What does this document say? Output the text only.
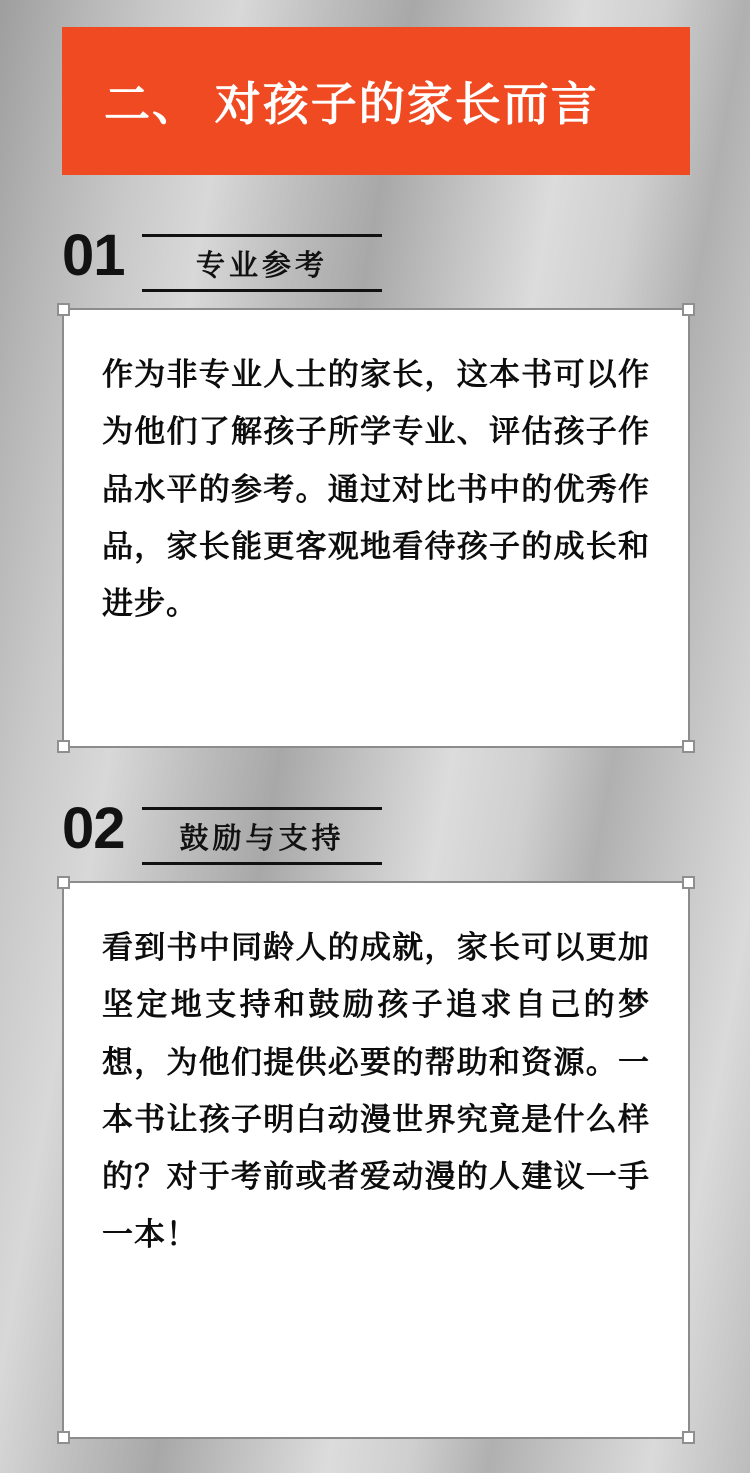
二、 对孩子的家长而言
01 专业参考

作为非专业人士的家长，这本书可以作为他们了解孩子所学专业、评估孩子作品水平的参考。通过对比书中的优秀作品，家长能更客观地看待孩子的成长和进步。

02 鼓励与支持

看到书中同龄人的成就，家长可以更加坚定地支持和鼓励孩子追求自己的梦想，为他们提供必要的帮助和资源。一本书让孩子明白动漫世界究竟是什么样的？对于考前或者爱动漫的人建议一手一本！
